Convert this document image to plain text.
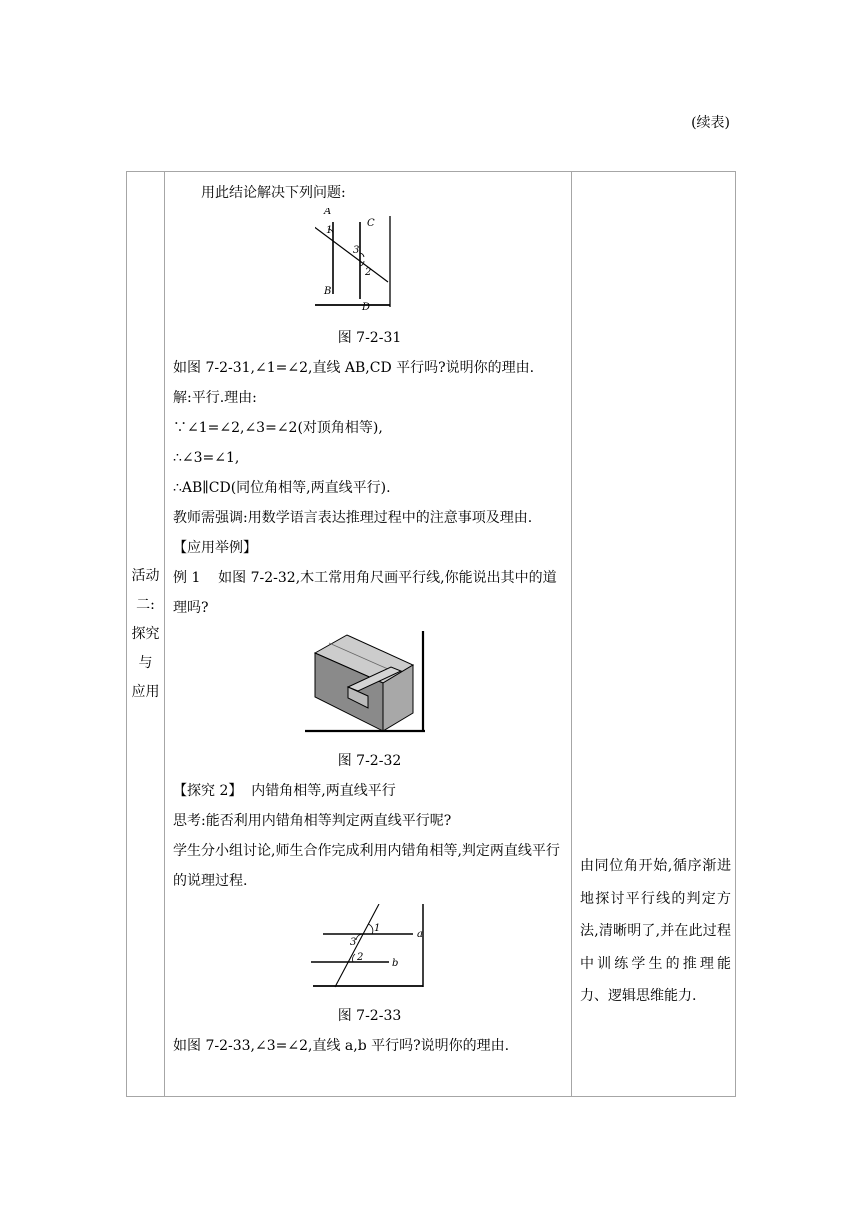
(续表)
活动
二:
探究
与
应用

用此结论解决下列问题:

A
1
C
3
2
B
D

图 7-2-31

如图 7-2-31,∠1=∠2,直线 AB,CD 平行吗?说明你的理由.

解:平行.理由:

∵∠1=∠2,∠3=∠2(对顶角相等),

∴∠3=∠1,

∴AB∥CD(同位角相等,两直线平行).

教师需强调:用数学语言表达推理过程中的注意事项及理由.

【应用举例】

例 1    如图 7-2-32,木工常用角尺画平行线,你能说出其中的道理吗?

图 7-2-32

【探究 2】  内错角相等,两直线平行

思考:能否利用内错角相等判定两直线平行呢?

学生分小组讨论,师生合作完成利用内错角相等,判定两直线平行的说理过程.

1
3
2
a
b

图 7-2-33

如图 7-2-33,∠3=∠2,直线 a,b 平行吗?说明你的理由.

由同位角开始,循序渐进地探讨平行线的判定方法,清晰明了,并在此过程中训练学生的推理能力、逻辑思维能力.
